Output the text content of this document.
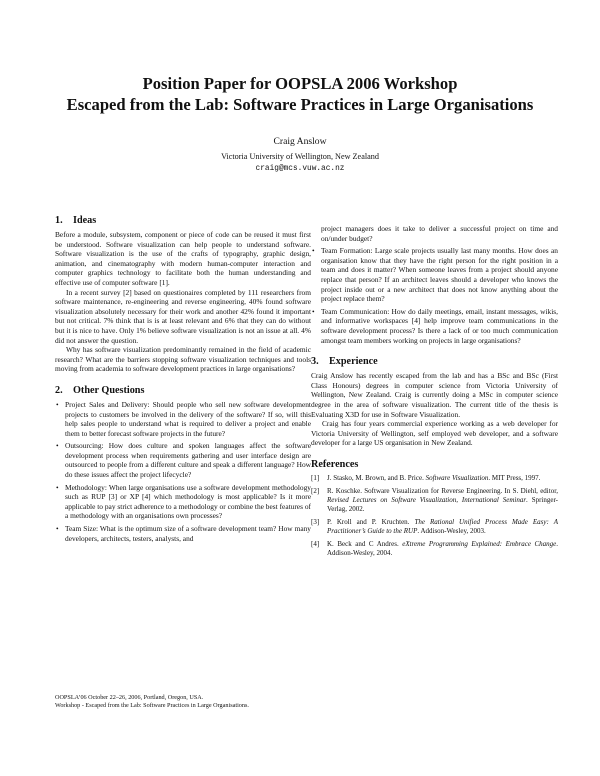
Position Paper for OOPSLA 2006 Workshop
Escaped from the Lab: Software Practices in Large Organisations
Craig Anslow
Victoria University of Wellington, New Zealand
craig@mcs.vuw.ac.nz
1. Ideas

Before a module, subsystem, component or piece of code can be reused it must first be understood. Software visualization can help people to understand software. Software visualization is the use of the crafts of typography, graphic design, animation, and cinematography with modern human-computer interaction and computer graphics technology to facilitate both the human understanding and effective use of computer software [1].

In a recent survey [2] based on questionaires completed by 111 researchers from software maintenance, re-engineering and reverse engineering, 40% found software visualization absolutely necessary for their work and another 42% found it important but not critical. 7% think that is is at least relevant and 6% that they can do without but it is nice to have. Only 1% believe software visualization is not an issue at all. 4% did not answer the question.

Why has software visualization predominantly remained in the field of academic research? What are the barriers stopping software visualization techniques and tools moving from academia to software development practices in large organisations?

2. Other Questions
• Project Sales and Delivery: Should people who sell new software development projects to customers be involved in the delivery of the software? If so, will this help sales people to understand what is required to deliver a project and enable them to better forecast software projects in the future?
• Outsourcing: How does culture and spoken languages affect the software development process when requirements gathering and user interface design are outsourced to people from a different culture and speak a different language? How do these issues affect the project lifecycle?
• Methodology: When large organisations use a software development methodology such as RUP [3] or XP [4] which methodology is most applicable? Is it more applicable to pay strict adherence to a methodology or combine the best features of a methodology with an organisations own processes?
• Team Size: What is the optimum size of a software development team? How many developers, architects, testers, analysts, and

project managers does it take to deliver a successful project on time and on/under budget?

• Team Formation: Large scale projects usually last many months. How does an organisation know that they have the right person for the right position in a team and does it matter? When someone leaves from a project should anyone replace that person? If an architect leaves should a developer who knows the project inside out or a new architect that does not know anything about the project replace them?
• Team Communication: How do daily meetings, email, instant messages, wikis, and informative workspaces [4] help improve team communications in the software development process? Is there a lack of or too much communication amongst team members working on projects in large organisations?
3. Experience

Craig Anslow has recently escaped from the lab and has a BSc and BSc (First Class Honours) degrees in computer science from Victoria University of Wellington, New Zealand. Craig is currently doing a MSc in computer science degree in the area of software visualization. The current title of the thesis is Evaluating X3D for use in Software Visualization.

Craig has four years commercial experience working as a web developer for Victoria University of Wellington, self employed web developer, and a software developer for a large US organisation in New Zealand.

References
[1] J. Stasko, M. Brown, and B. Price. Software Visualization. MIT Press, 1997.
[2] R. Koschke. Software Visualization for Reverse Engineering. In S. Diehl, editor, Revised Lectures on Software Visualization, International Seminar. Springer-Verlag, 2002.
[3] P. Kroll and P. Kruchten. The Rational Unified Process Made Easy: A Practitioner’s Guide to the RUP. Addison-Wesley, 2003.
[4] K. Beck and C Andres. eXtreme Programming Explained: Embrace Change. Addison-Wesley, 2004.
OOPSLA’06 October 22–26, 2006, Portland, Oregon, USA.
Workshop - Escaped from the Lab: Software Practices in Large Organisations.
